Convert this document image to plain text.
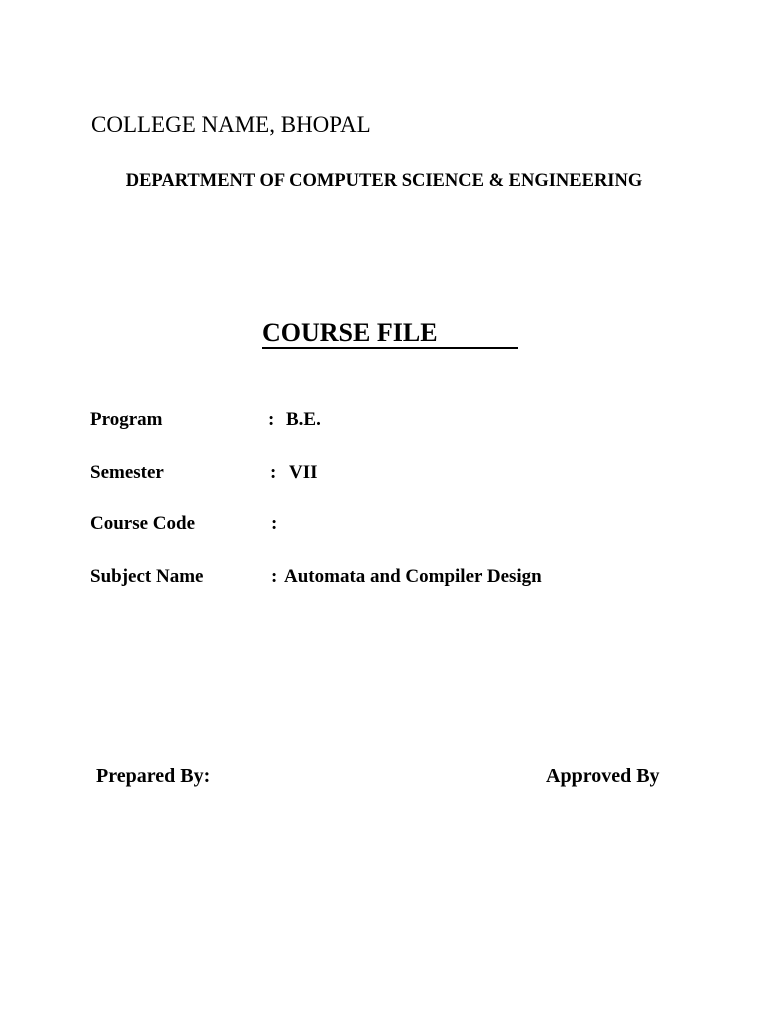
COLLEGE NAME, BHOPAL
DEPARTMENT OF COMPUTER SCIENCE & ENGINEERING
COURSE FILE
Program	: B.E.
Semester	: VII
Course Code	:
Subject Name	: Automata and Compiler Design
Prepared By:	Approved By
